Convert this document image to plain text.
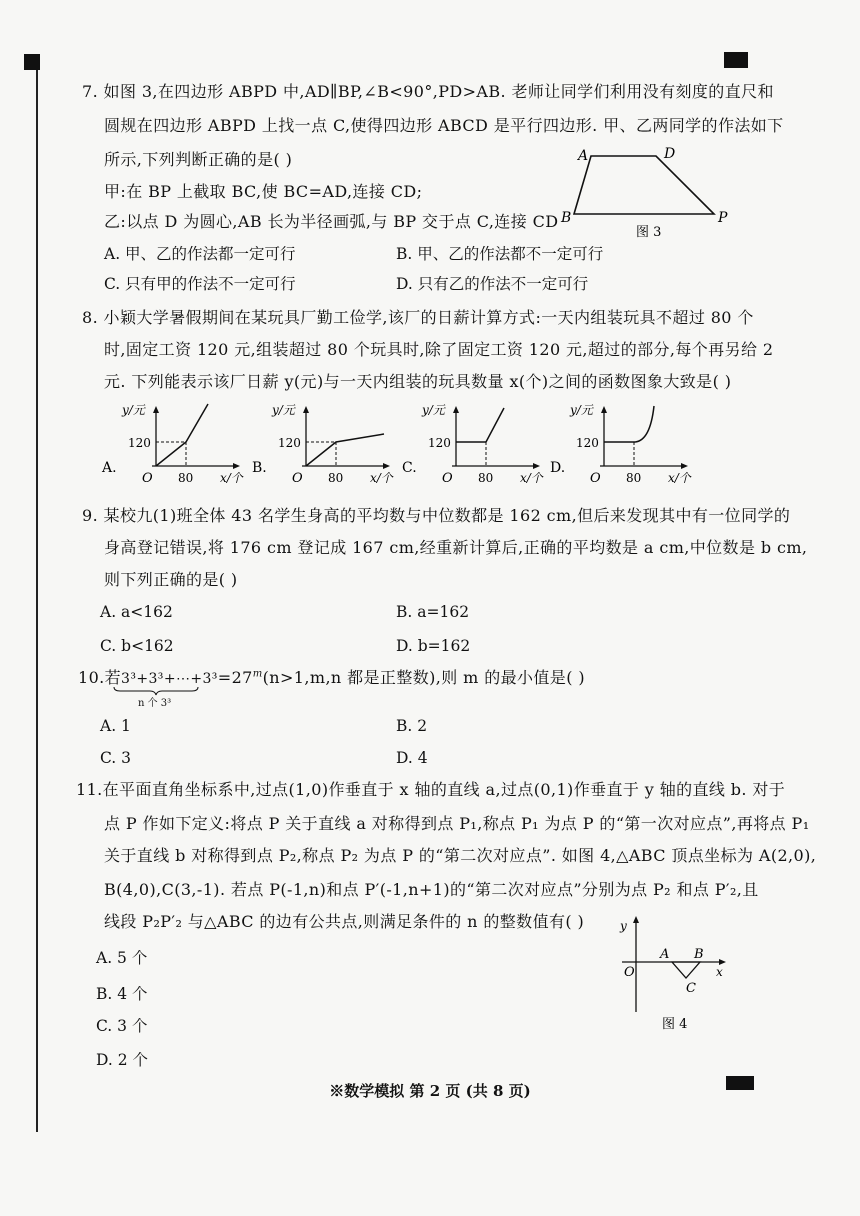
7. 如图 3,在四边形 ABPD 中,AD∥BP,∠B<90°,PD>AB. 老师让同学们利用没有刻度的直尺和
圆规在四边形 ABPD 上找一点 C,使得四边形 ABCD 是平行四边形. 甲、乙两同学的作法如下
所示,下列判断正确的是( )
甲:在 BP 上截取 BC,使 BC=AD,连接 CD;
乙:以点 D 为圆心,AB 长为半径画弧,与 BP 交于点 C,连接 CD
A. 甲、乙的作法都一定可行	B. 甲、乙的作法都不一定可行
C. 只有甲的作法不一定可行	D. 只有乙的作法不一定可行
A	D
B	P
图 3
8. 小颖大学暑假期间在某玩具厂勤工俭学,该厂的日薪计算方式:一天内组装玩具不超过 80 个
时,固定工资 120 元,组装超过 80 个玩具时,除了固定工资 120 元,超过的部分,每个再另给 2
元. 下列能表示该厂日薪 y(元)与一天内组装的玩具数量 x(个)之间的函数图象大致是( )
A.
y/元
120
80 x/个
O
B.
y/元
120
80 x/个
O
C.
y/元
120
80 x/个
O
D.
y/元
120
80 x/个
O
9. 某校九(1)班全体 43 名学生身高的平均数与中位数都是 162 cm,但后来发现其中有一位同学的
身高登记错误,将 176 cm 登记成 167 cm,经重新计算后,正确的平均数是 a cm,中位数是 b cm,
则下列正确的是( )
A. a<162	B. a=162
C. b<162	D. b=162
10.若$3^3+3^3+\cdots+3^3=27^m(n>1,m,n$ 都是正整数),则 m 的最小值是( )
n 个 3³
A. 1	B. 2
C. 3	D. 4
11.在平面直角坐标系中,过点(1,0)作垂直于 x 轴的直线 a,过点(0,1)作垂直于 y 轴的直线 b. 对于
点 P 作如下定义:将点 P 关于直线 a 对称得到点 P₁,称点 P₁ 为点 P 的“第一次对应点”,再将点 P₁
关于直线 b 对称得到点 P₂,称点 P₂ 为点 P 的“第二次对应点”. 如图 4,△ABC 顶点坐标为 A(2,0),
B(4,0),C(3,-1). 若点 P(-1,n)和点 P′(-1,n+1)的“第二次对应点”分别为点 P₂ 和点 P′₂,且
线段 P₂P′₂ 与△ABC 的边有公共点,则满足条件的 n 的整数值有( )
A. 5 个
B. 4 个
C. 3 个
D. 2 个
y
x
O
A B
C
图 4
※数学模拟 第 2 页 (共 8 页)
